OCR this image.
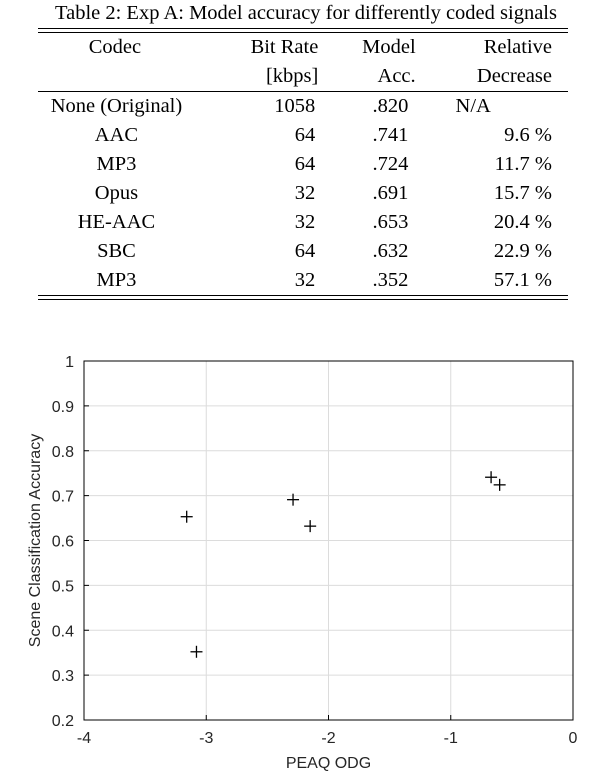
Table 2: Exp A: Model accuracy for differently coded signals
Codec	Bit Rate	Model	Relative
	[kbps]	Acc.	Decrease
None (Original)	1058	.820	N/A
AAC	64	.741	9.6 %
MP3	64	.724	11.7 %
Opus	32	.691	15.7 %
HE-AAC	32	.653	20.4 %
SBC	64	.632	22.9 %
MP3	32	.352	57.1 %
-4	-3	-2	-1	0
0.2
0.3
0.4
0.5
0.6
0.7
0.8
0.9
1
PEAQ ODG
Scene Classification Accuracy
